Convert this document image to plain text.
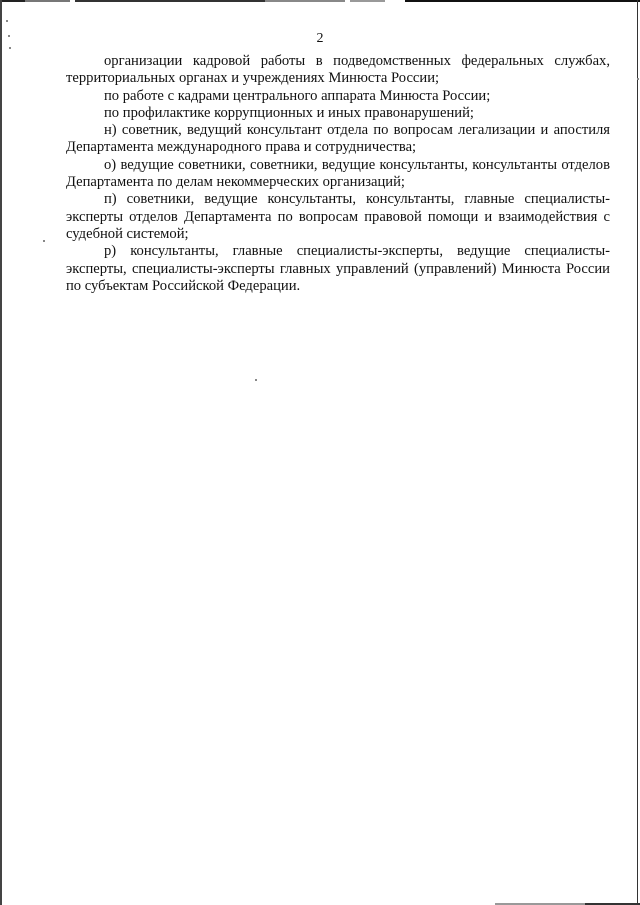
2

организации кадровой работы в подведомственных федеральных службах, территориальных органах и учреждениях Минюста России;

по работе с кадрами центрального аппарата Минюста России;

по профилактике коррупционных и иных правонарушений;

н) советник, ведущий консультант отдела по вопросам легализации и апостиля Департамента международного права и сотрудничества;

о) ведущие советники, советники, ведущие консультанты, консультанты отделов Департамента по делам некоммерческих организаций;

п) советники, ведущие консультанты, консультанты, главные специалисты-эксперты отделов Департамента по вопросам правовой помощи и взаимодействия с судебной системой;

р) консультанты, главные специалисты-эксперты, ведущие специалисты-эксперты, специалисты-эксперты главных управлений (управлений) Минюста России по субъектам Российской Федерации.
